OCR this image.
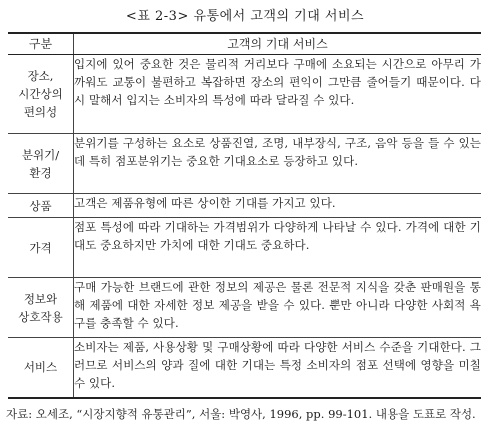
<표 2-3> 유통에서 고객의 기대 서비스
구분	고객의 기대 서비스

장소,
시간상의
편의성	입지에 있어 중요한 것은 물리적 거리보다 구매에 소요되는 시간으로 아무리 가까워도 교통이 불편하고 복잡하면 장소의 편익이 그만큼 줄어들기 때문이다. 다시 말해서 입지는 소비자의 특성에 따라 달라질 수 있다.

분위기/
환경	분위기를 구성하는 요소로 상품진열, 조명, 내부장식, 구조, 음악 등을 들 수 있는데 특히 점포분위기는 중요한 기대요소로 등장하고 있다.

상품	고객은 제품유형에 따른 상이한 기대를 가지고 있다.

가격	점포 특성에 따라 기대하는 가격범위가 다양하게 나타날 수 있다. 가격에 대한 기대도 중요하지만 가치에 대한 기대도 중요하다.

정보와
상호작용	구매 가능한 브랜드에 관한 정보의 제공은 물론 전문적 지식을 갖춘 판매원을 통해 제품에 대한 자세한 정보 제공을 받을 수 있다. 뿐만 아니라 다양한 사회적 욕구를 충족할 수 있다.

서비스	소비자는 제품, 사용상황 및 구매상황에 따라 다양한 서비스 수준을 기대한다. 그러므로 서비스의 양과 질에 대한 기대는 특정 소비자의 점포 선택에 영향을 미칠 수 있다.
자료: 오세조, “시장지향적 유통관리”, 서울: 박영사, 1996, pp. 99-101. 내용을 도표로 작성.
